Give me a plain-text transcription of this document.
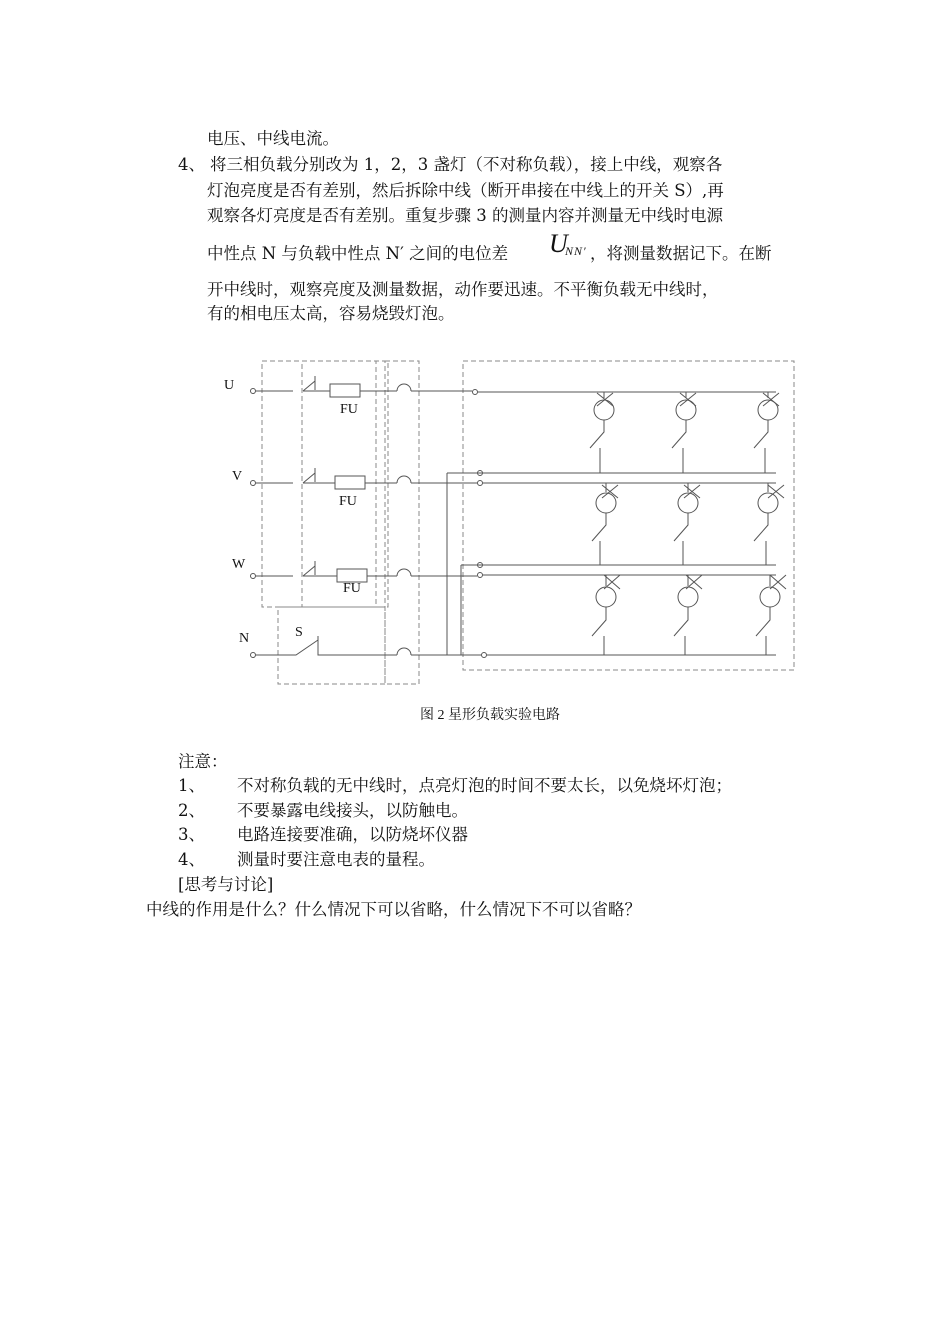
电压、中线电流。
4、 将三相负载分别改为 1，2，3 盏灯（不对称负载），接上中线，观察各
灯泡亮度是否有差别，然后拆除中线（断开串接在中线上的开关 S）,再
观察各灯亮度是否有差别。重复步骤 3 的测量内容并测量无中线时电源
中性点 N 与负载中性点 N′ 之间的电位差 U
NN′ ，将测量数据记下。在断
开中线时，观察亮度及测量数据，动作要迅速。不平衡负载无中线时，
有的相电压太高，容易烧毁灯泡。
U
V
W
N
FU
FU
FU
S
图 2 星形负载实验电路
注意：
1、 不对称负载的无中线时，点亮灯泡的时间不要太长，以免烧坏灯泡；
2、 不要暴露电线接头，以防触电。
3、 电路连接要准确，以防烧坏仪器
4、 测量时要注意电表的量程。
[思考与讨论]
中线的作用是什么？什么情况下可以省略，什么情况下不可以省略？
